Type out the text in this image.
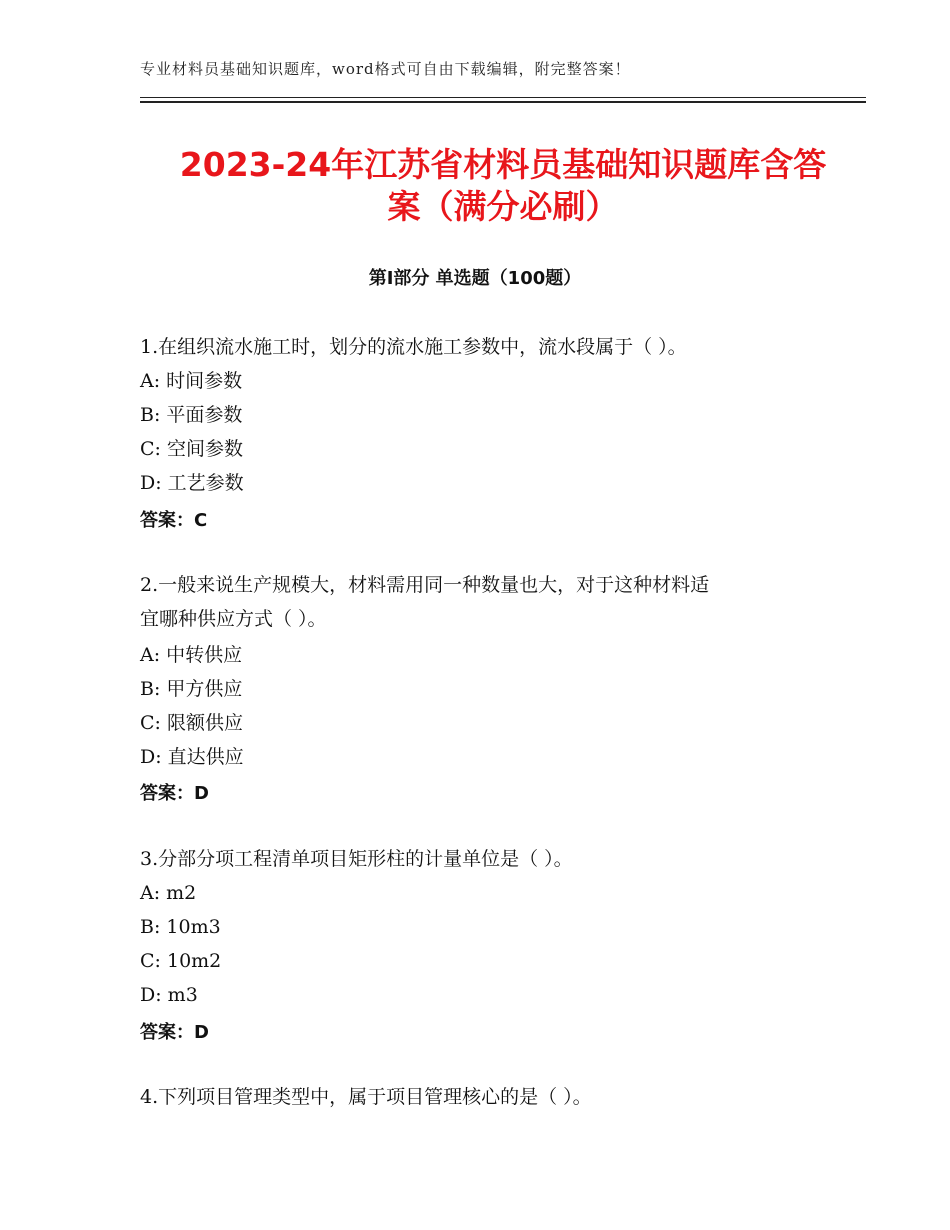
专业材料员基础知识题库，word格式可自由下载编辑，附完整答案！
2023-24年江苏省材料员基础知识题库含答
案（满分必刷）
第Ⅰ部分 单选题（100题）
1.在组织流水施工时，划分的流水施工参数中，流水段属于（ ）。
A: 时间参数
B: 平面参数
C: 空间参数
D: 工艺参数
答案：C
2.一般来说生产规模大，材料需用同一种数量也大，对于这种材料适
宜哪种供应方式（ ）。
A: 中转供应
B: 甲方供应
C: 限额供应
D: 直达供应
答案：D
3.分部分项工程清单项目矩形柱的计量单位是（ ）。
A: m2
B: 10m3
C: 10m2
D: m3
答案：D
4.下列项目管理类型中，属于项目管理核心的是（ ）。
